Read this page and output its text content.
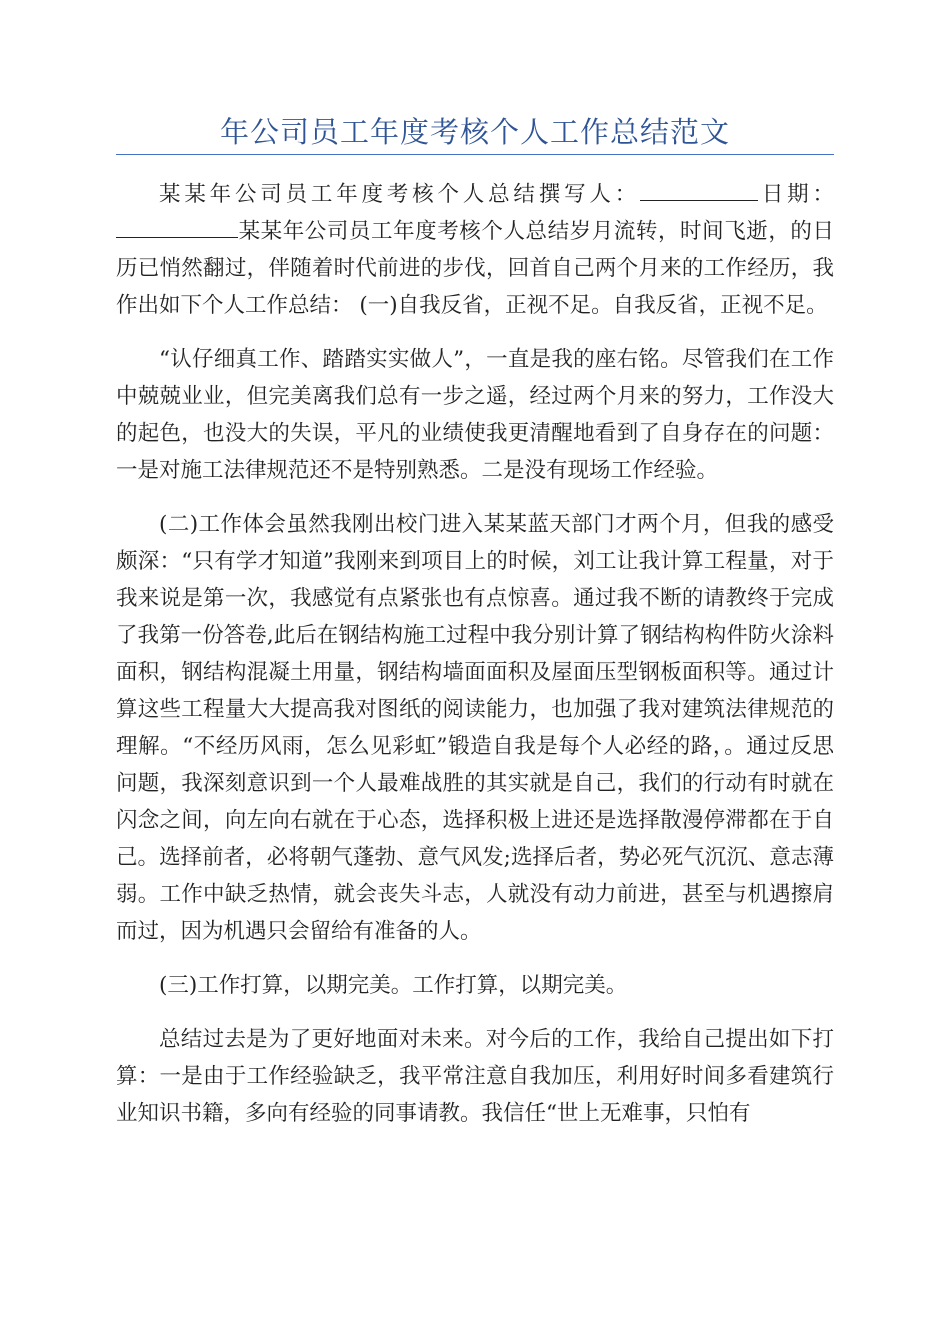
年公司员工年度考核个人工作总结范文

某某年公司员工年度考核个人总结撰写人：	日期：某某年公司员工年度考核个人总结岁月流转，时间飞逝，的日历已悄然翻过，伴随着时代前进的步伐，回首自己两个月来的工作经历，我作出如下个人工作总结： (一)自我反省，正视不足。自我反省，正视不足。

“认仔细真工作、踏踏实实做人”，一直是我的座右铭。尽管我们在工作中兢兢业业，但完美离我们总有一步之遥，经过两个月来的努力，工作没大的起色，也没大的失误，平凡的业绩使我更清醒地看到了自身存在的问题：一是对施工法律规范还不是特别熟悉。二是没有现场工作经验。

(二)工作体会虽然我刚出校门进入某某蓝天部门才两个月，但我的感受颇深：“只有学才知道”我刚来到项目上的时候，刘工让我计算工程量，对于我来说是第一次，我感觉有点紧张也有点惊喜。通过我不断的请教终于完成了我第一份答卷,此后在钢结构施工过程中我分别计算了钢结构构件防火涂料面积，钢结构混凝土用量，钢结构墙面面积及屋面压型钢板面积等。通过计算这些工程量大大提高我对图纸的阅读能力，也加强了我对建筑法律规范的理解。“不经历风雨，怎么见彩虹”锻造自我是每个人必经的路，。通过反思问题，我深刻意识到一个人最难战胜的其实就是自己，我们的行动有时就在闪念之间，向左向右就在于心态，选择积极上进还是选择散漫停滞都在于自己。选择前者，必将朝气蓬勃、意气风发;选择后者，势必死气沉沉、意志薄弱。工作中缺乏热情，就会丧失斗志，人就没有动力前进，甚至与机遇擦肩而过，因为机遇只会留给有准备的人。

(三)工作打算，以期完美。工作打算，以期完美。

总结过去是为了更好地面对未来。对今后的工作，我给自己提出如下打算：一是由于工作经验缺乏，我平常注意自我加压，利用好时间多看建筑行业知识书籍，多向有经验的同事请教。我信任“世上无难事，只怕有
